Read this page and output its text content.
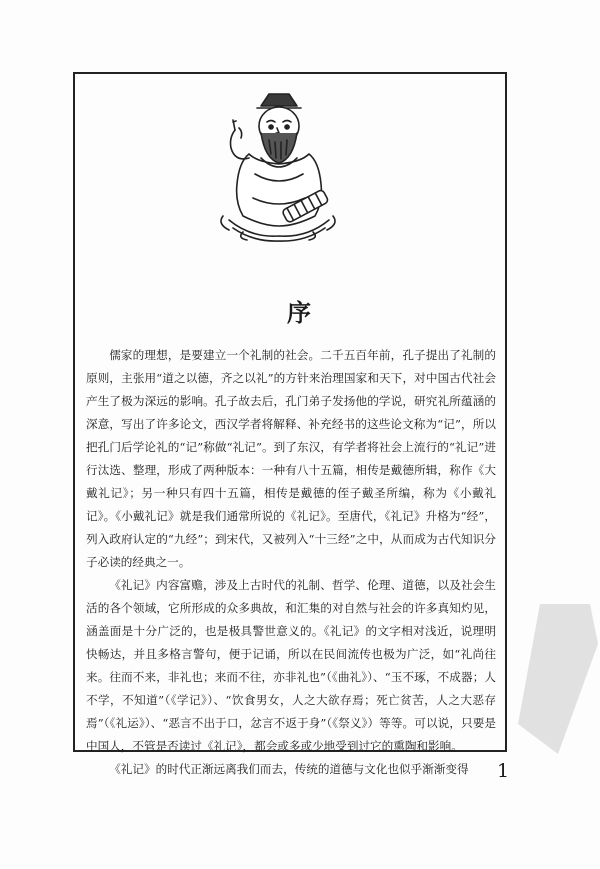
序

儒家的理想，是要建立一个礼制的社会。二千五百年前，孔子提出了礼制的原则，主张用“道之以德，齐之以礼”的方针来治理国家和天下，对中国古代社会产生了极为深远的影响。孔子故去后，孔门弟子发扬他的学说，研究礼所蕴涵的深意，写出了许多论文，西汉学者将解释、补充经书的这些论文称为“记”，所以把孔门后学论礼的“记”称做“礼记”。到了东汉，有学者将社会上流行的“礼记”进行汰选、整理，形成了两种版本：一种有八十五篇，相传是戴德所辑，称作《大戴礼记》；另一种只有四十五篇，相传是戴德的侄子戴圣所编，称为《小戴礼记》。《小戴礼记》就是我们通常所说的《礼记》。至唐代，《礼记》升格为“经”，列入政府认定的“九经”；到宋代，又被列入“十三经”之中，从而成为古代知识分子必读的经典之一。

《礼记》内容富赡，涉及上古时代的礼制、哲学、伦理、道德，以及社会生活的各个领域，它所形成的众多典故，和汇集的对自然与社会的许多真知灼见，涵盖面是十分广泛的，也是极具警世意义的。《礼记》的文字相对浅近，说理明快畅达，并且多格言警句，便于记诵，所以在民间流传也极为广泛，如“礼尚往来。往而不来，非礼也；来而不往，亦非礼也”（《曲礼》）、“玉不琢，不成器；人不学，不知道”（《学记》）、“饮食男女，人之大欲存焉；死亡贫苦，人之大恶存焉”（《礼运》）、“恶言不出于口，忿言不返于身”（《祭义》）等等。可以说，只要是中国人，不管是否读过《礼记》，都会或多或少地受到过它的熏陶和影响。

《礼记》的时代正渐远离我们而去，传统的道德与文化也似乎渐渐变得	1
